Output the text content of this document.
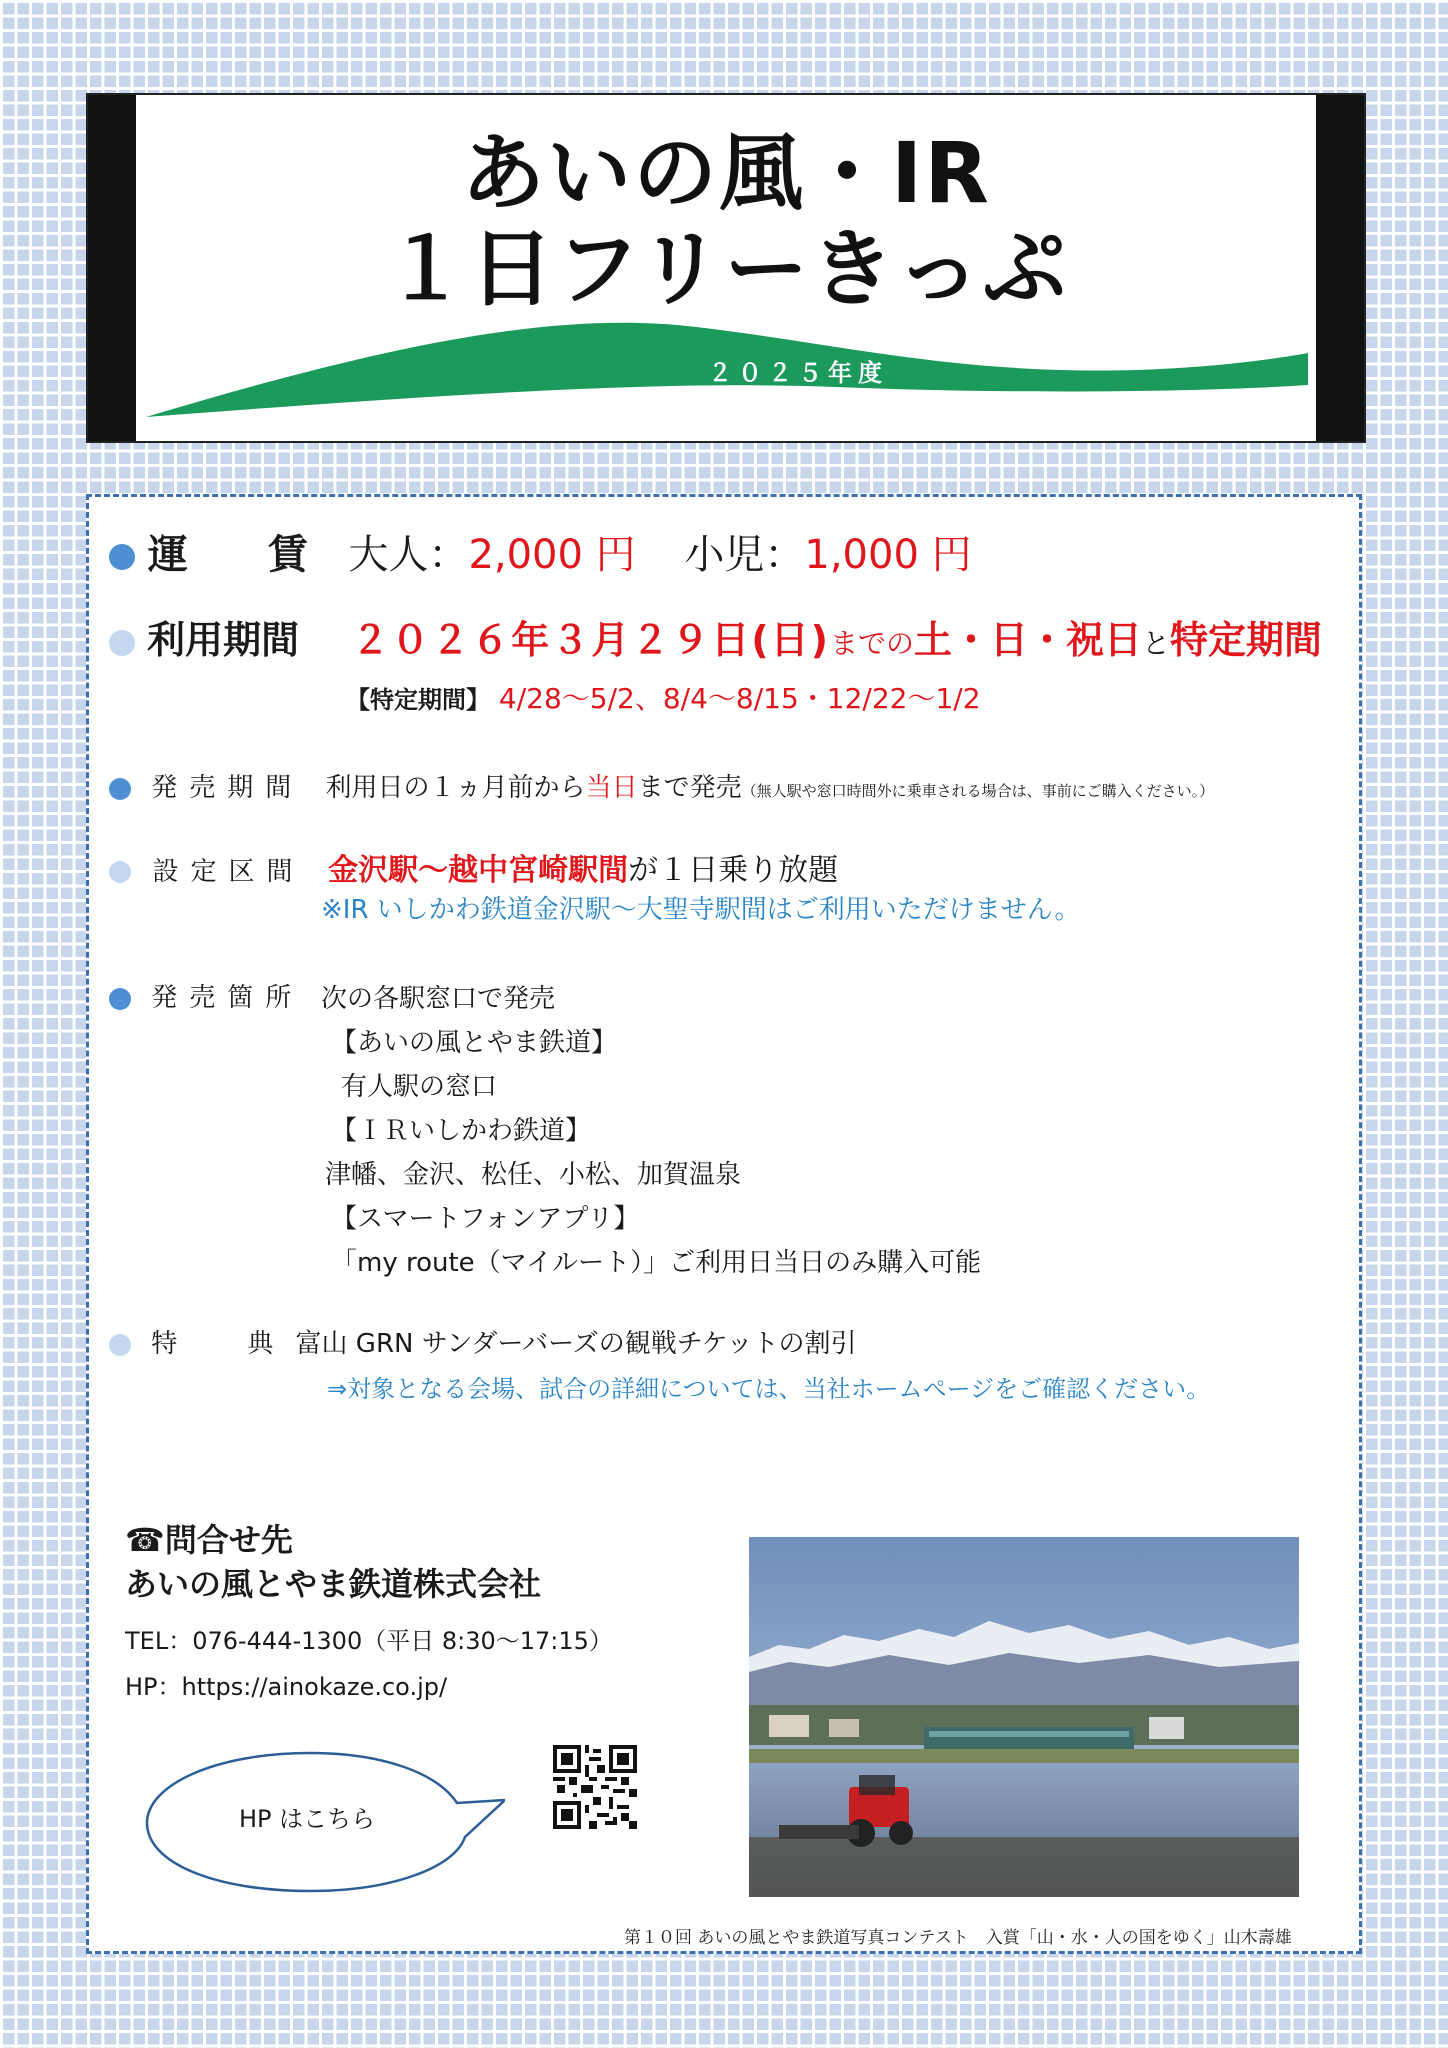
あいの風・IR
１日フリーきっぷ
２０２５年度
運　　賃 大人：2,000 円 小児：1,000 円
利用期間 ２０２６年３月２９日(日)までの土・日・祝日と特定期間
【特定期間】 4/28～5/2、8/4～8/15・12/22～1/2
発売期間 利用日の１ヵ月前から当日まで発売（無人駅や窓口時間外に乗車される場合は、事前にご購入ください。）
設定区間 金沢駅～越中宮崎駅間が１日乗り放題
※IR いしかわ鉄道金沢駅～大聖寺駅間はご利用いただけません。
発売箇所 次の各駅窓口で発売
【あいの風とやま鉄道】
有人駅の窓口
【ＩＲいしかわ鉄道】
津幡、金沢、松任、小松、加賀温泉
【スマートフォンアプリ】
「my route（マイルート）」ご利用日当日のみ購入可能
特　　典 富山 GRN サンダーバーズの観戦チケットの割引
⇒対象となる会場、試合の詳細については、当社ホームページをご確認ください。
☎問合せ先
あいの風とやま鉄道株式会社
TEL：076-444-1300（平日 8:30～17:15）
HP：https://ainokaze.co.jp/
HP はこちら
第１０回 あいの風とやま鉄道写真コンテスト　入賞「山・水・人の国をゆく」山木壽雄
